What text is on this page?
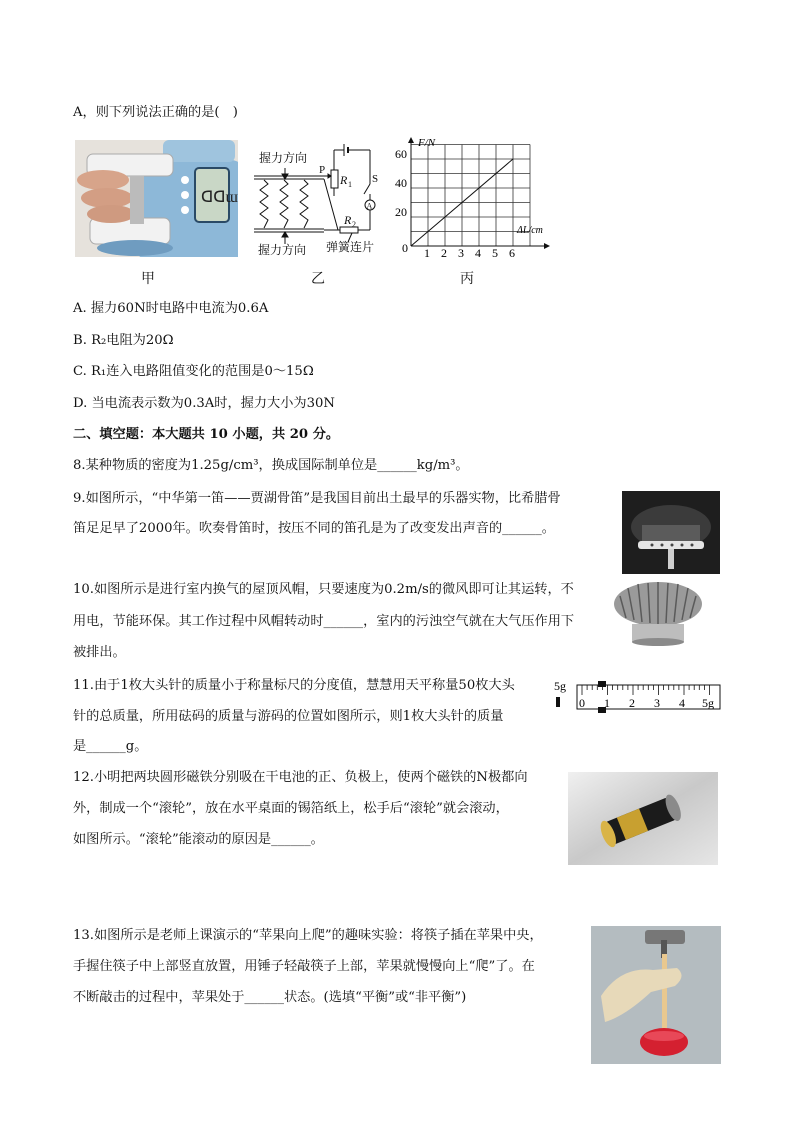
A，则下列说法正确的是(　)
ᗡᗡɯ
握力方向
握力方向
P
R 1 S
A
R 2
弹簧连片
F/N
60
40
20
0 1 2 3 4 5 6
ΔL/cm
甲	乙	丙
A. 握力60N时电路中电流为0.6A
B. R₂电阻为20Ω
C. R₁连入电路阻值变化的范围是0～15Ω
D. 当电流表示数为0.3A时，握力大小为30N
二、填空题：本大题共 10 小题，共 20 分。
8.某种物质的密度为1.25g/cm³，换成国际制单位是______kg/m³。
9.如图所示，“中华第一笛——贾湖骨笛”是我国目前出土最早的乐器实物，比希腊骨
笛足足早了2000年。吹奏骨笛时，按压不同的笛孔是为了改变发出声音的______。
10.如图所示是进行室内换气的屋顶风帽，只要速度为0.2m/s的微风即可让其运转，不
用电，节能环保。其工作过程中风帽转动时______，室内的污浊空气就在大气压作用下
被排出。
11.由于1枚大头针的质量小于称量标尺的分度值，慧慧用天平称量50枚大头
针的总质量，所用砝码的质量与游码的位置如图所示，则1枚大头针的质量
是______g。
5g
0 1 2 3 4 5g
12.小明把两块圆形磁铁分别吸在干电池的正、负极上，使两个磁铁的N极都向
外，制成一个“滚轮”，放在水平桌面的锡箔纸上，松手后“滚轮”就会滚动，
如图所示。“滚轮”能滚动的原因是______。
13.如图所示是老师上课演示的“苹果向上爬”的趣味实验：将筷子插在苹果中央，
手握住筷子中上部竖直放置，用锤子轻敲筷子上部，苹果就慢慢向上“爬”了。在
不断敲击的过程中，苹果处于______状态。(选填“平衡”或“非平衡”)
